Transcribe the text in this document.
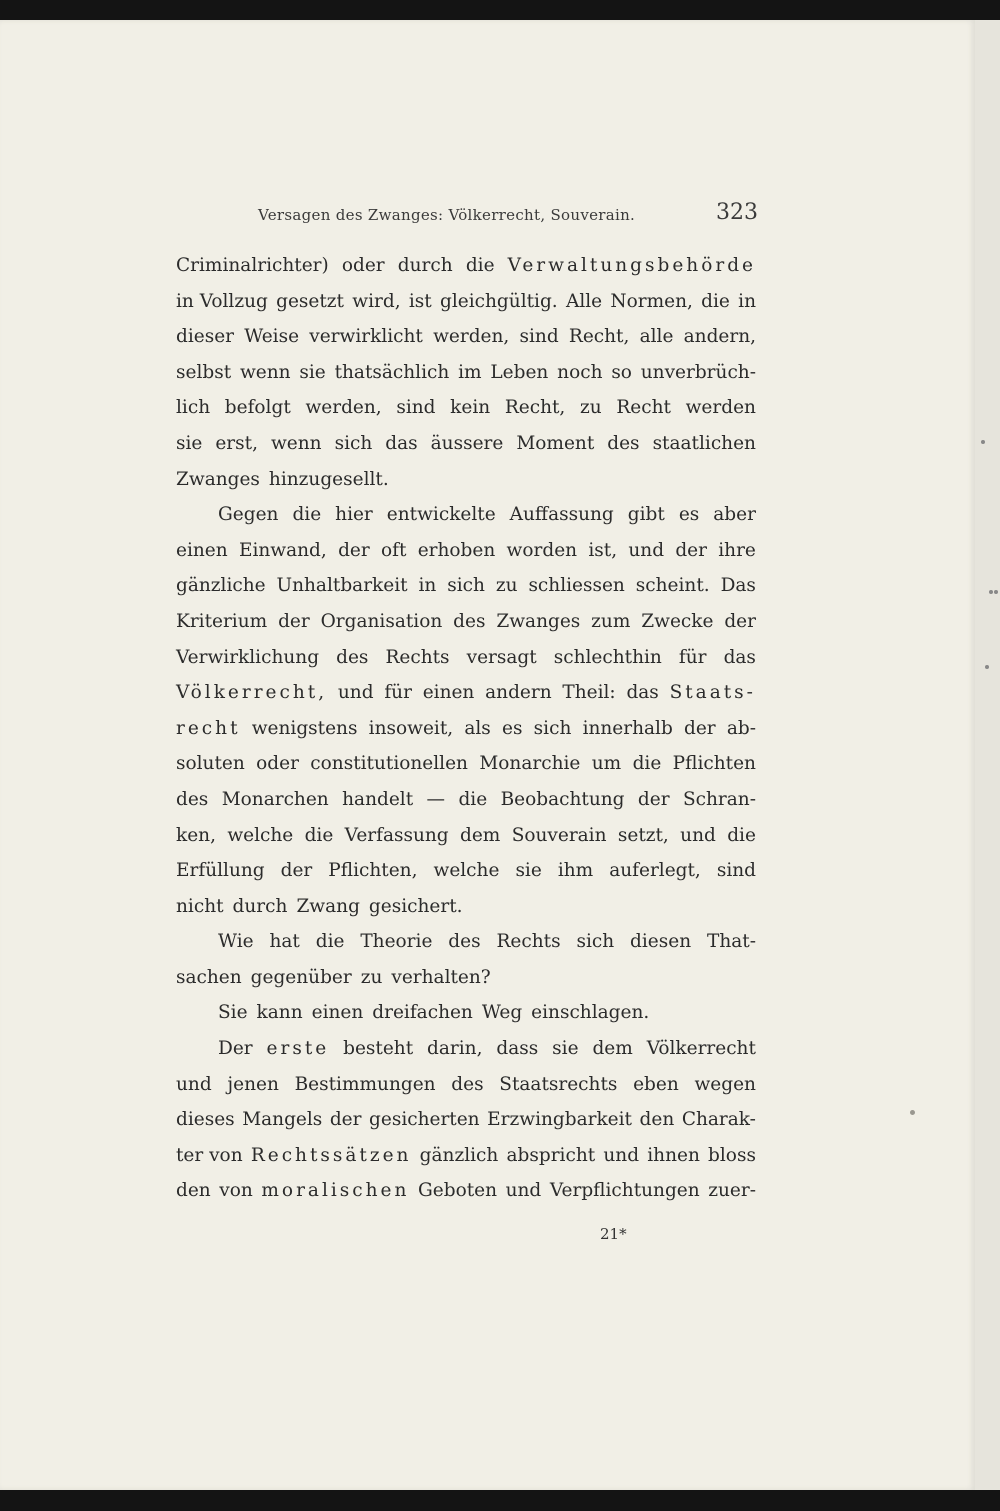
Versagen des Zwanges: Völkerrecht, Souverain.	323
Criminalrichter) oder durch die Verwaltungsbehörde
in Vollzug gesetzt wird, ist gleichgültig. Alle Normen, die in
dieser Weise verwirklicht werden, sind Recht, alle andern,
selbst wenn sie thatsächlich im Leben noch so unverbrüch-
lich befolgt werden, sind kein Recht, zu Recht werden
sie erst, wenn sich das äussere Moment des staatlichen
Zwanges hinzugesellt.
Gegen die hier entwickelte Auffassung gibt es aber
einen Einwand, der oft erhoben worden ist, und der ihre
gänzliche Unhaltbarkeit in sich zu schliessen scheint. Das
Kriterium der Organisation des Zwanges zum Zwecke der
Verwirklichung des Rechts versagt schlechthin für das
Völkerrecht, und für einen andern Theil: das Staats-
recht wenigstens insoweit, als es sich innerhalb der ab-
soluten oder constitutionellen Monarchie um die Pflichten
des Monarchen handelt — die Beobachtung der Schran-
ken, welche die Verfassung dem Souverain setzt, und die
Erfüllung der Pflichten, welche sie ihm auferlegt, sind
nicht durch Zwang gesichert.
Wie hat die Theorie des Rechts sich diesen That-
sachen gegenüber zu verhalten?
Sie kann einen dreifachen Weg einschlagen.
Der erste besteht darin, dass sie dem Völkerrecht
und jenen Bestimmungen des Staatsrechts eben wegen
dieses Mangels der gesicherten Erzwingbarkeit den Charak-
ter von Rechtssätzen gänzlich abspricht und ihnen bloss
den von moralischen Geboten und Verpflichtungen zuer-
21*
